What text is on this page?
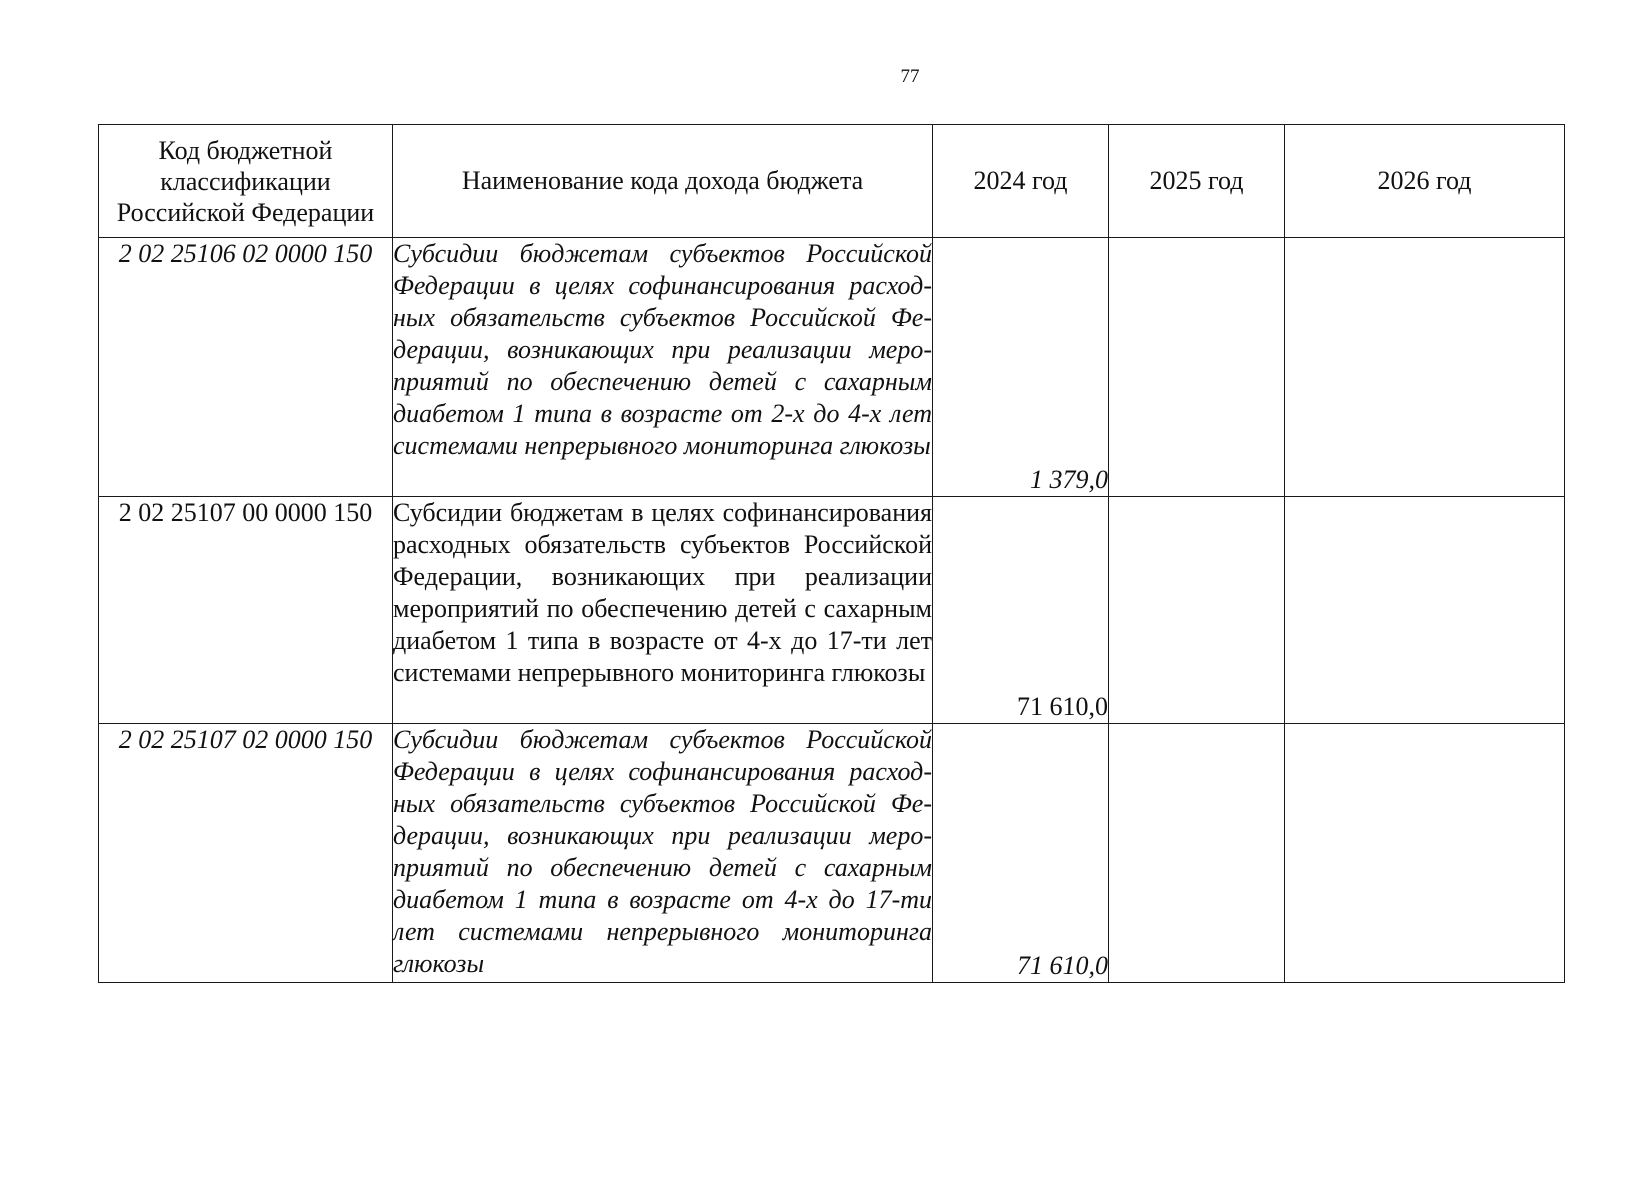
77
Код бюджетной классификации Российской Федерации	Наименование кода дохода бюджета	2024 год	2025 год	2026 год
2 02 25106 02 0000 150	Субсидии бюджетам субъектов Российской Федерации в целях софинансирования расходных обязательств субъектов Российской Федерации, возникающих при реализации мероприятий по обеспечению детей с сахарным диабетом 1 типа в возрасте от 2-х до 4-х лет системами непрерывного мониторинга глюкозы	1 379,0		
2 02 25107 00 0000 150	Субсидии бюджетам в целях софинансирования расходных обязательств субъектов Российской Федерации, возникающих при реализации мероприятий по обеспечению детей с сахарным диабетом 1 типа в возрасте от 4-х до 17-ти лет системами непрерывного мониторинга глюкозы	71 610,0		
2 02 25107 02 0000 150	Субсидии бюджетам субъектов Российской Федерации в целях софинансирования расходных обязательств субъектов Российской Федерации, возникающих при реализации мероприятий по обеспечению детей с сахарным диабетом 1 типа в возрасте от 4-х до 17-ти лет системами непрерывного мониторинга глюкозы	71 610,0		
